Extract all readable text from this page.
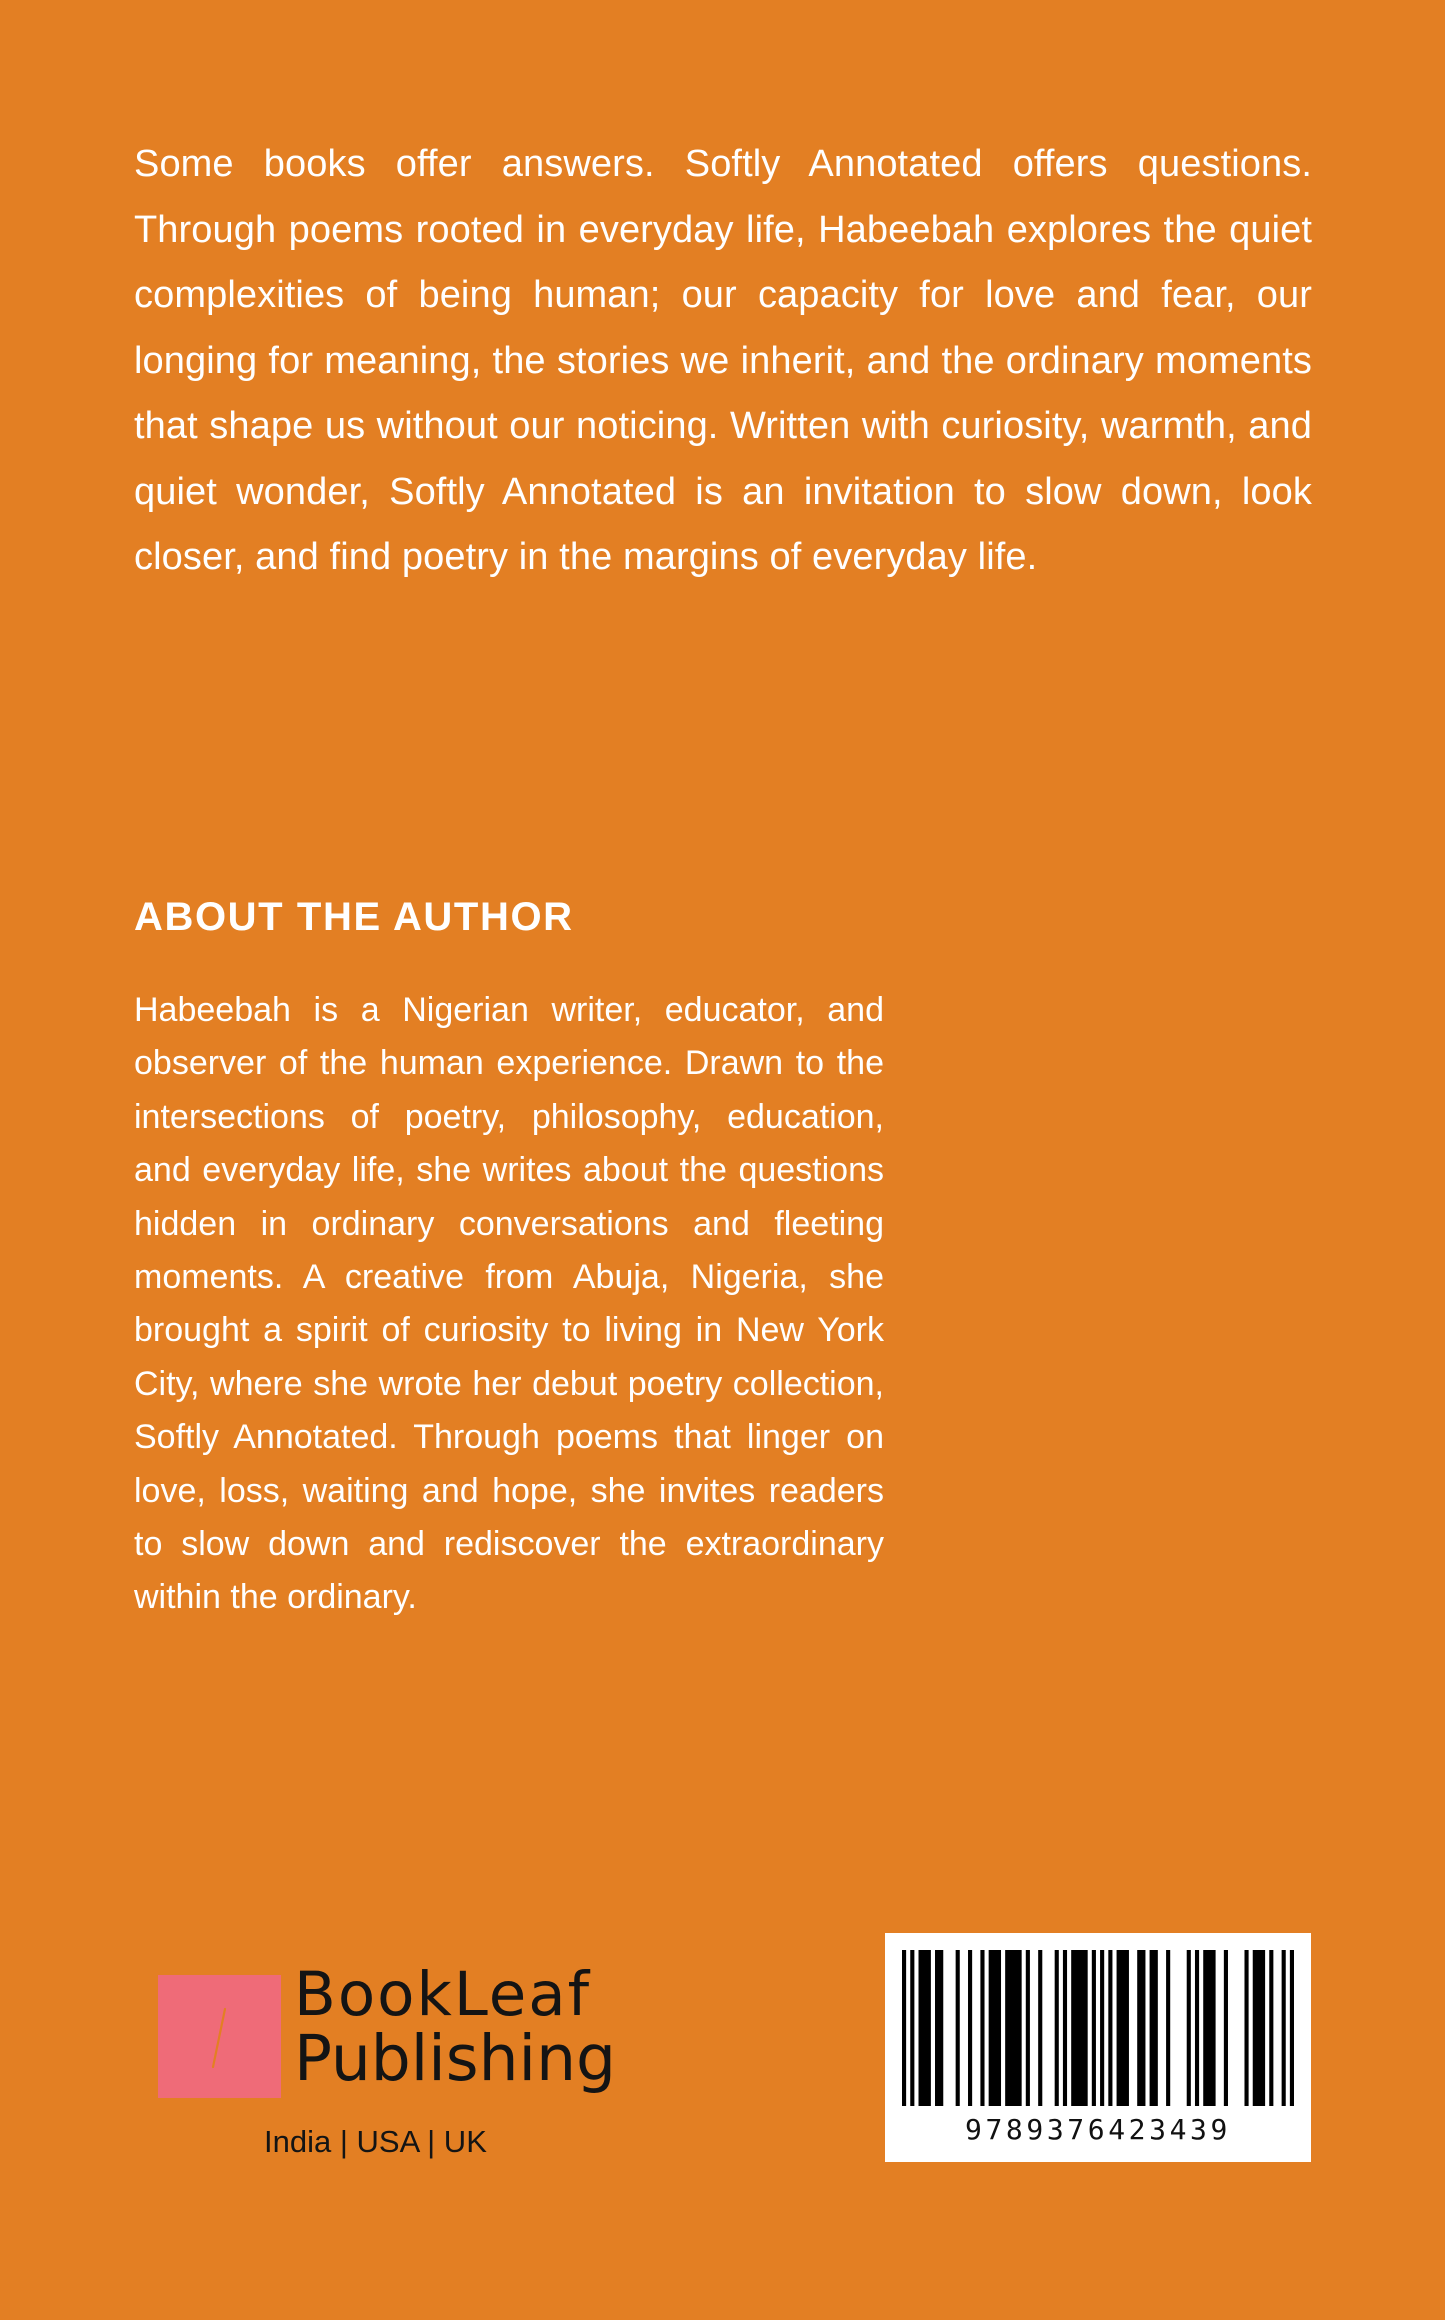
Some books offer answers. Softly Annotated offers questions. Through poems rooted in everyday life, Habeebah explores the quiet complexities of being human; our capacity for love and fear, our longing for meaning, the stories we inherit, and the ordinary moments that shape us without our noticing. Written with curiosity, warmth, and quiet wonder, Softly Annotated is an invitation to slow down, look closer, and find poetry in the margins of everyday life.

ABOUT THE AUTHOR

Habeebah is a Nigerian writer, educator, and observer of the human experience. Drawn to the intersections of poetry, philosophy, education, and everyday life, she writes about the questions hidden in ordinary conversations and fleeting moments. A creative from Abuja, Nigeria, she brought a spirit of curiosity to living in New York City, where she wrote her debut poetry collection, Softly Annotated. Through poems that linger on love, loss, waiting and hope, she invites readers to slow down and rediscover the extraordinary within the ordinary.

BookLeaf
Publishing
India | USA | UK	9789376423439
